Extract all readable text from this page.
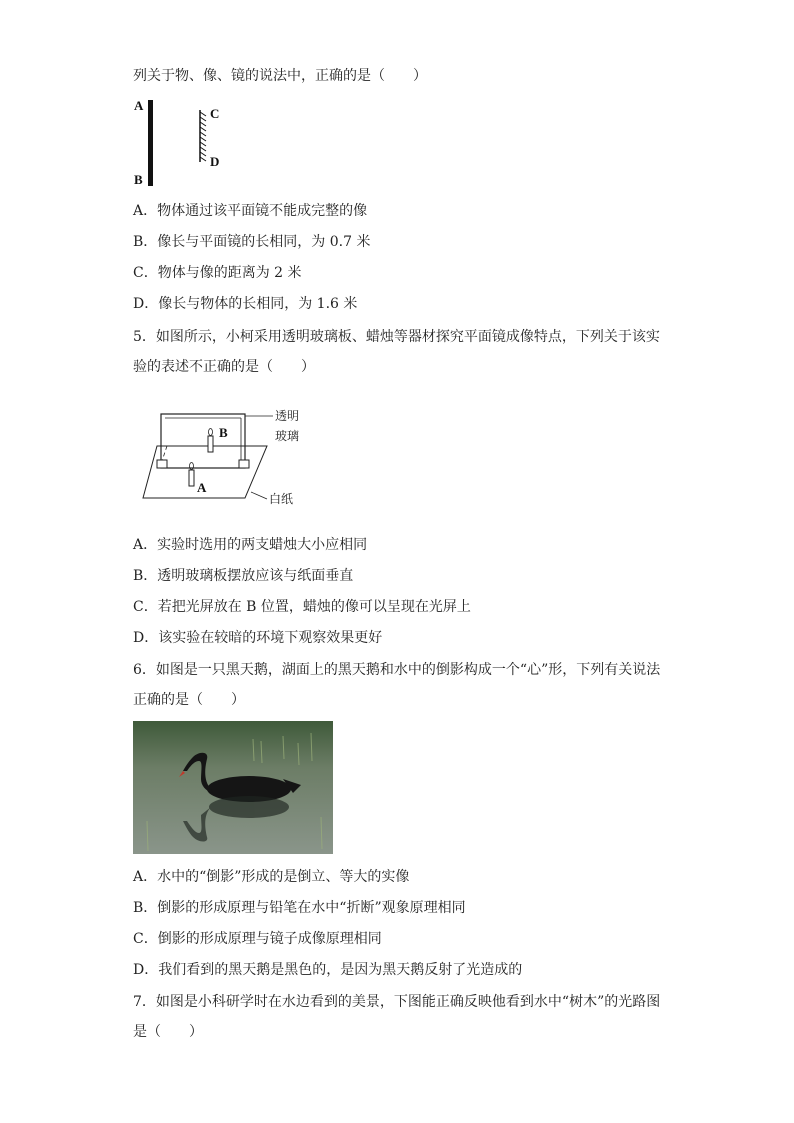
列关于物、像、镜的说法中，正确的是（　　）
A
B
C
D
A．物体通过该平面镜不能成完整的像
B．像长与平面镜的长相同，为 0.7 米
C．物体与像的距离为 2 米
D．像长与物体的长相同，为 1.6 米
5．如图所示，小柯采用透明玻璃板、蜡烛等器材探究平面镜成像特点，下列关于该实
验的表述不正确的是（　　）
B
A
透明
玻璃
白纸
A．实验时选用的两支蜡烛大小应相同
B．透明玻璃板摆放应该与纸面垂直
C．若把光屏放在 B 位置，蜡烛的像可以呈现在光屏上
D．该实验在较暗的环境下观察效果更好
6．如图是一只黑天鹅，湖面上的黑天鹅和水中的倒影构成一个“心”形，下列有关说法
正确的是（　　）
A．水中的“倒影”形成的是倒立、等大的实像
B．倒影的形成原理与铅笔在水中“折断”观象原理相同
C．倒影的形成原理与镜子成像原理相同
D．我们看到的黑天鹅是黑色的，是因为黑天鹅反射了光造成的
7．如图是小科研学时在水边看到的美景，下图能正确反映他看到水中“树木”的光路图
是（　　）
